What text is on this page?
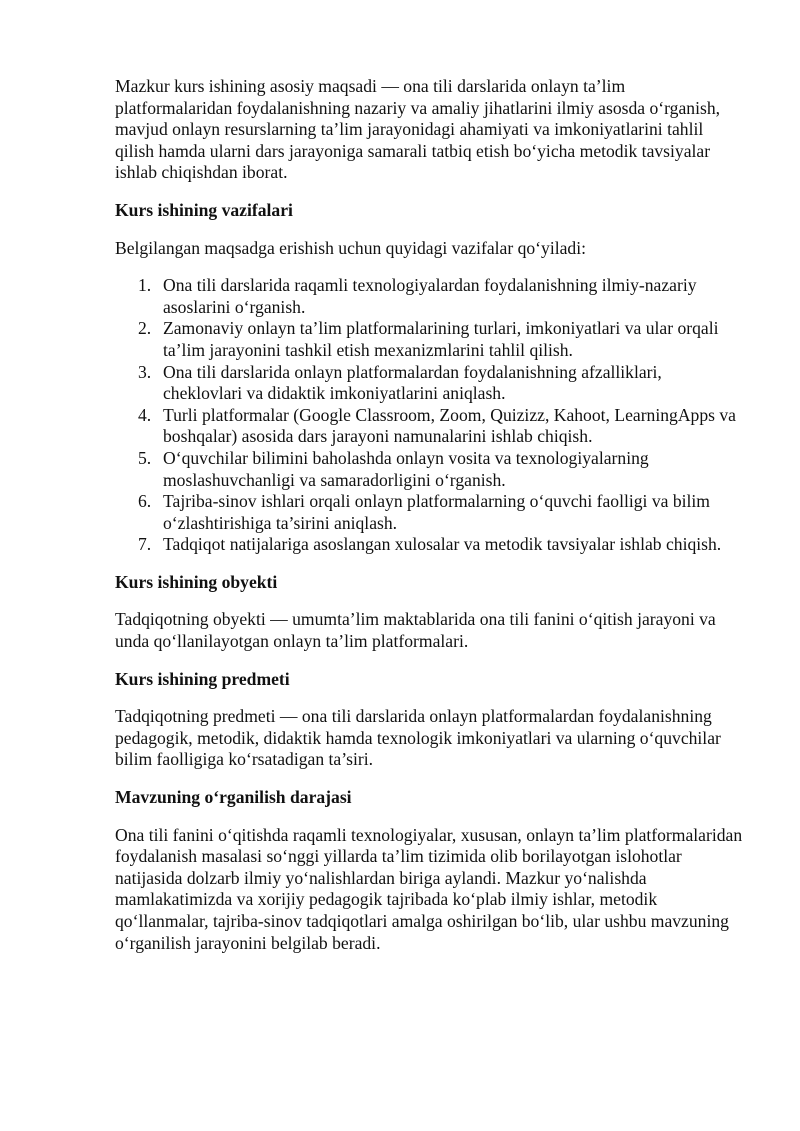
Mazkur kurs ishining asosiy maqsadi — ona tili darslarida onlayn ta’lim platformalaridan foydalanishning nazariy va amaliy jihatlarini ilmiy asosda o‘rganish, mavjud onlayn resurslarning ta’lim jarayonidagi ahamiyati va imkoniyatlarini tahlil qilish hamda ularni dars jarayoniga samarali tatbiq etish bo‘yicha metodik tavsiyalar ishlab chiqishdan iborat.

Kurs ishining vazifalari

Belgilangan maqsadga erishish uchun quyidagi vazifalar qo‘yiladi:

1. Ona tili darslarida raqamli texnologiyalardan foydalanishning ilmiy-nazariy asoslarini o‘rganish.
2. Zamonaviy onlayn ta’lim platformalarining turlari, imkoniyatlari va ular orqali ta’lim jarayonini tashkil etish mexanizmlarini tahlil qilish.
3. Ona tili darslarida onlayn platformalardan foydalanishning afzalliklari, cheklovlari va didaktik imkoniyatlarini aniqlash.
4. Turli platformalar (Google Classroom, Zoom, Quizizz, Kahoot, LearningApps va boshqalar) asosida dars jarayoni namunalarini ishlab chiqish.
5. O‘quvchilar bilimini baholashda onlayn vosita va texnologiyalarning moslashuvchanligi va samaradorligini o‘rganish.
6. Tajriba-sinov ishlari orqali onlayn platformalarning o‘quvchi faolligi va bilim o‘zlashtirishiga ta’sirini aniqlash.
7. Tadqiqot natijalariga asoslangan xulosalar va metodik tavsiyalar ishlab chiqish.
Kurs ishining obyekti

Tadqiqotning obyekti — umumta’lim maktablarida ona tili fanini o‘qitish jarayoni va unda qo‘llanilayotgan onlayn ta’lim platformalari.

Kurs ishining predmeti

Tadqiqotning predmeti — ona tili darslarida onlayn platformalardan foydalanishning pedagogik, metodik, didaktik hamda texnologik imkoniyatlari va ularning o‘quvchilar bilim faolligiga ko‘rsatadigan ta’siri.

Mavzuning o‘rganilish darajasi

Ona tili fanini o‘qitishda raqamli texnologiyalar, xususan, onlayn ta’lim platformalaridan foydalanish masalasi so‘nggi yillarda ta’lim tizimida olib borilayotgan islohotlar natijasida dolzarb ilmiy yo‘nalishlardan biriga aylandi. Mazkur yo‘nalishda mamlakatimizda va xorijiy pedagogik tajribada ko‘plab ilmiy ishlar, metodik qo‘llanmalar, tajriba-sinov tadqiqotlari amalga oshirilgan bo‘lib, ular ushbu mavzuning o‘rganilish jarayonini belgilab beradi.
